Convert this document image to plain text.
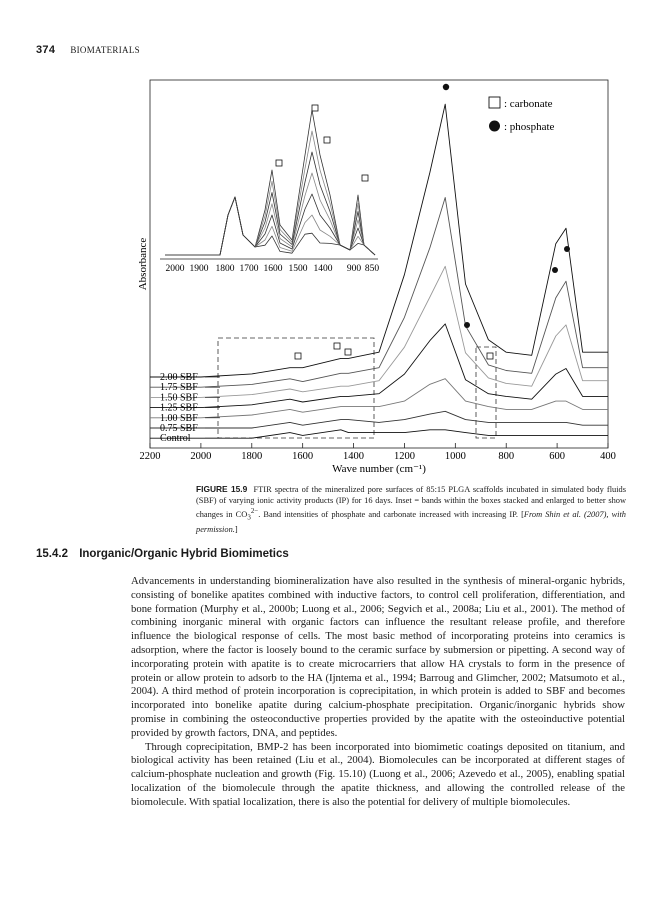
374 BIOMATERIALS
Absorbance
2200	2000	1800	1600	1400	1200	1000	800	600	400
Wave number (cm⁻¹)
2.00 SBF
1.75 SBF
1.50 SBF
1.25 SBF
1.00 SBF
0.75 SBF
Control
: carbonate
: phosphate
2000 1900 1800 1700 1600 1500 1400 900 850
FIGURE 15.9 FTIR spectra of the mineralized pore surfaces of 85:15 PLGA scaffolds incubated in simulated body fluids (SBF) of varying ionic activity products (IP) for 16 days. Inset = bands within the boxes stacked and enlarged to better show changes in $CO_3^{2-}$. Band intensities of phosphate and carbonate increased with increasing IP. [From Shin et al. (2007), with permission.]
15.4.2 Inorganic/Organic Hybrid Biomimetics

Advancements in understanding biomineralization have also resulted in the synthesis of mineral-organic hybrids, consisting of bonelike apatites combined with inductive factors, to control cell proliferation, differentiation, and bone formation (Murphy et al., 2000b; Luong et al., 2006; Segvich et al., 2008a; Liu et al., 2001). The method of combining inorganic mineral with organic factors can influence the resultant release profile, and therefore influence the biological response of cells. The most basic method of incorporating proteins into ceramics is adsorption, where the factor is loosely bound to the ceramic surface by submersion or pipetting. A second way of incorporating protein with apatite is to create microcarriers that allow HA crystals to form in the presence of protein or allow protein to adsorb to the HA (Ijntema et al., 1994; Barroug and Glimcher, 2002; Matsumoto et al., 2004). A third method of protein incorporation is coprecipitation, in which protein is added to SBF and becomes incorporated into bonelike apatite during calcium-phosphate precipitation. Organic/inorganic hybrids show promise in combining the osteoconductive properties provided by the apatite with the osteoinductive potential provided by growth factors, DNA, and peptides.

Through coprecipitation, BMP-2 has been incorporated into biomimetic coatings deposited on titanium, and biological activity has been retained (Liu et al., 2004). Biomolecules can be incorporated at different stages of calcium-phosphate nucleation and growth (Fig. 15.10) (Luong et al., 2006; Azevedo et al., 2005), enabling spatial localization of the biomolecule through the apatite thickness, and allowing the controlled release of the biomolecule. With spatial localization, there is also the potential for delivery of multiple biomolecules.
